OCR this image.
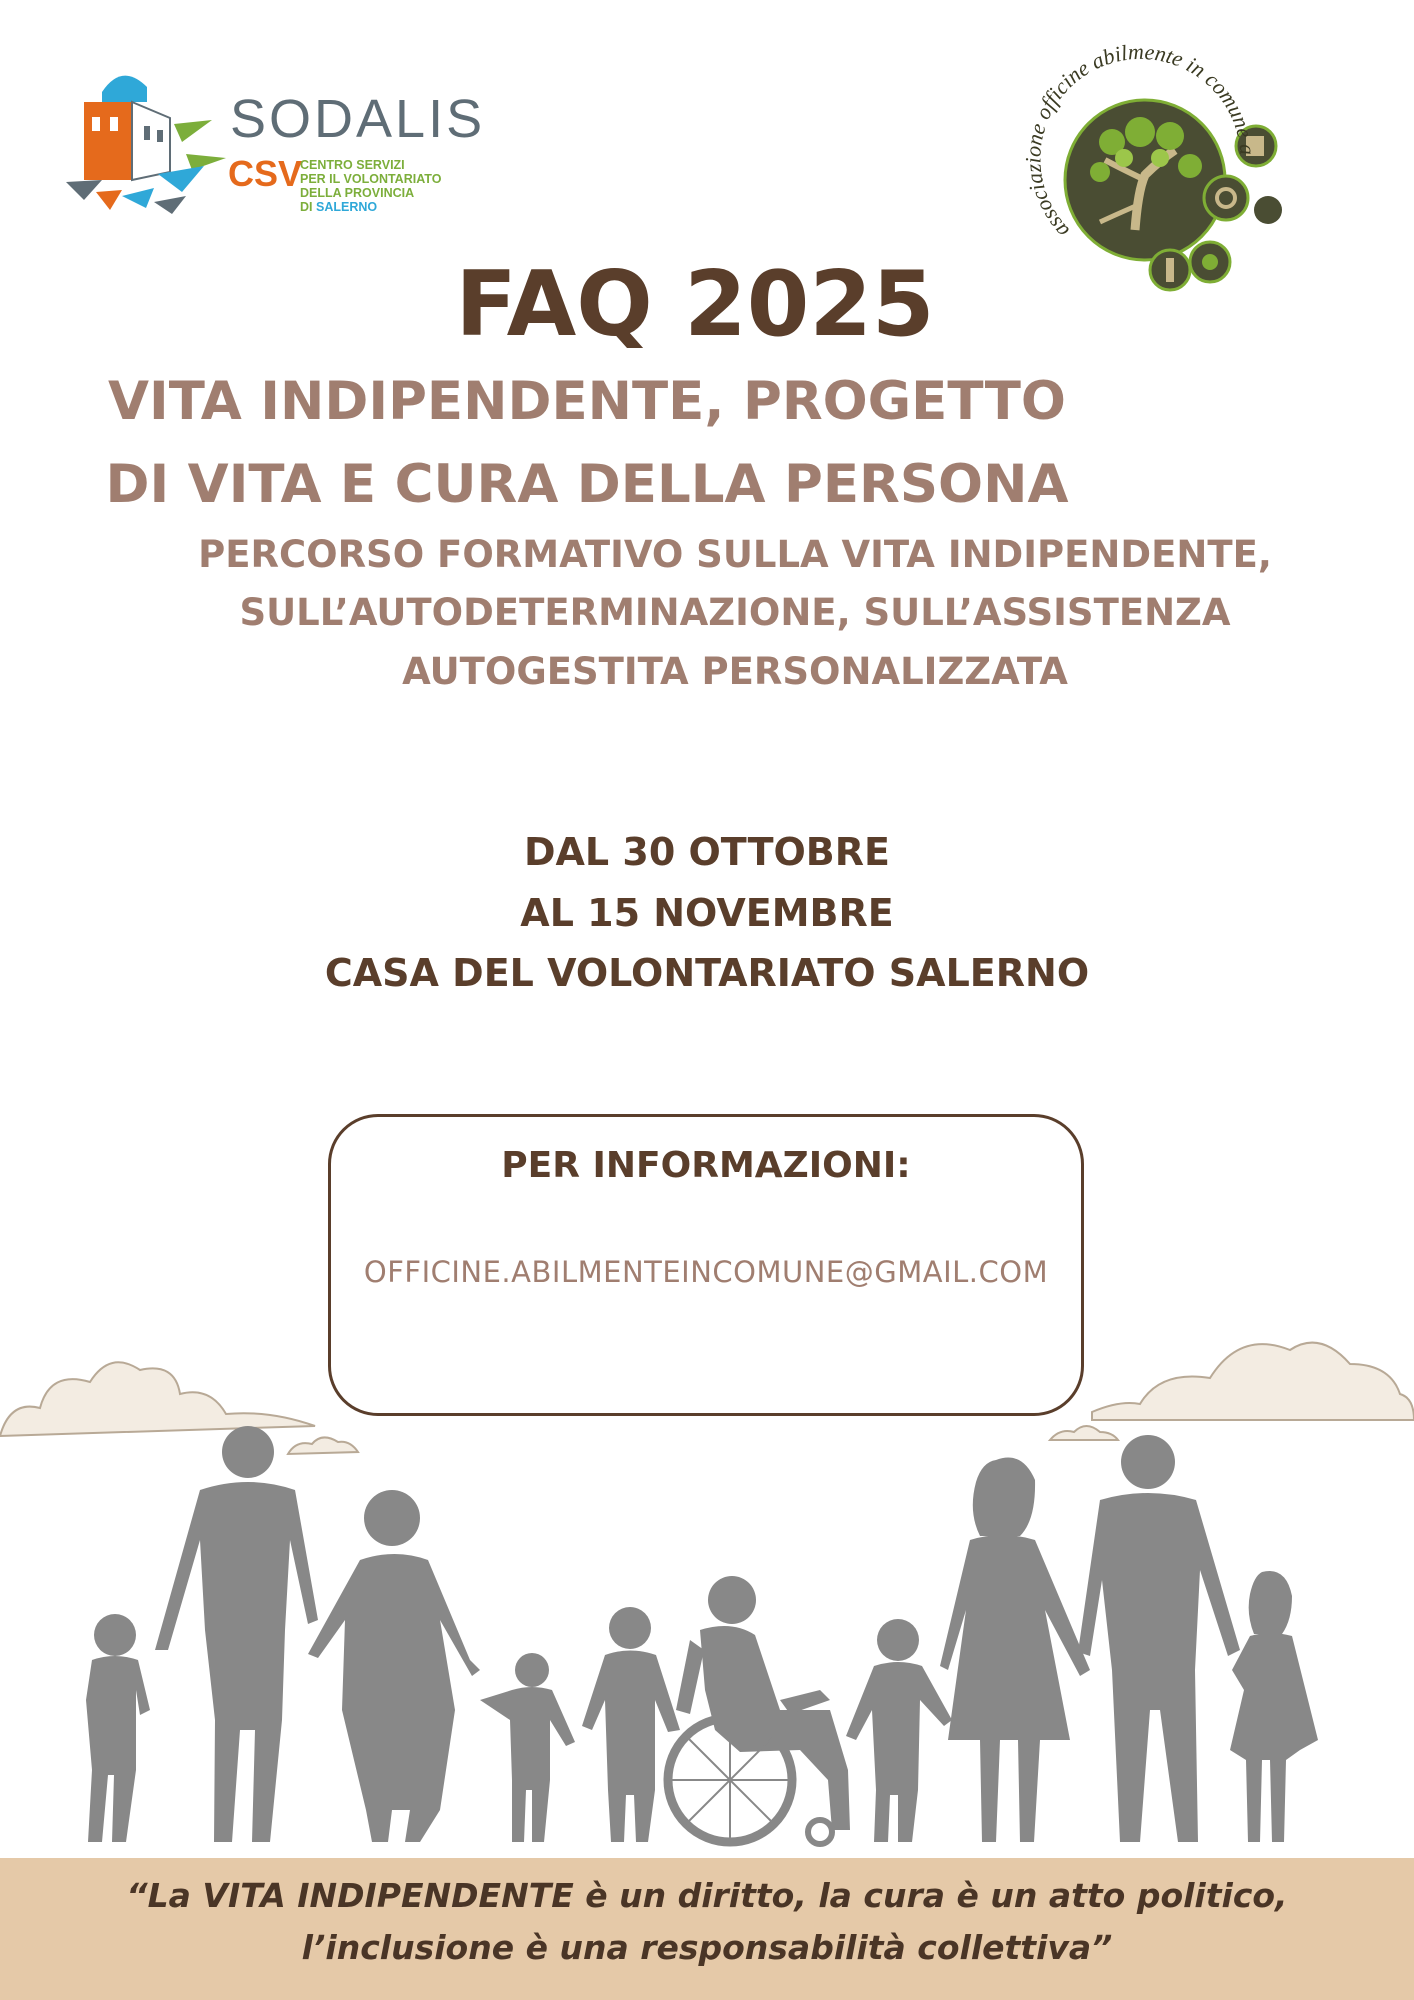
SODALIS
CSV
CENTRO SERVIZI
PER IL VOLONTARIATO
DELLA PROVINCIA
DI SALERNO
associazione officine abilmente in comune a
FAQ 2025
VITA INDIPENDENTE, PROGETTO
DI VITA E CURA DELLA PERSONA
PERCORSO FORMATIVO SULLA VITA INDIPENDENTE,
SULL’AUTODETERMINAZIONE, SULL’ASSISTENZA
AUTOGESTITA PERSONALIZZATA
DAL 30 OTTOBRE
AL 15 NOVEMBRE
CASA DEL VOLONTARIATO SALERNO
PER INFORMAZIONI:
OFFICINE.ABILMENTEINCOMUNE@GMAIL.COM
“La VITA INDIPENDENTE è un diritto, la cura è un atto politico,
l’inclusione è una responsabilità collettiva”
